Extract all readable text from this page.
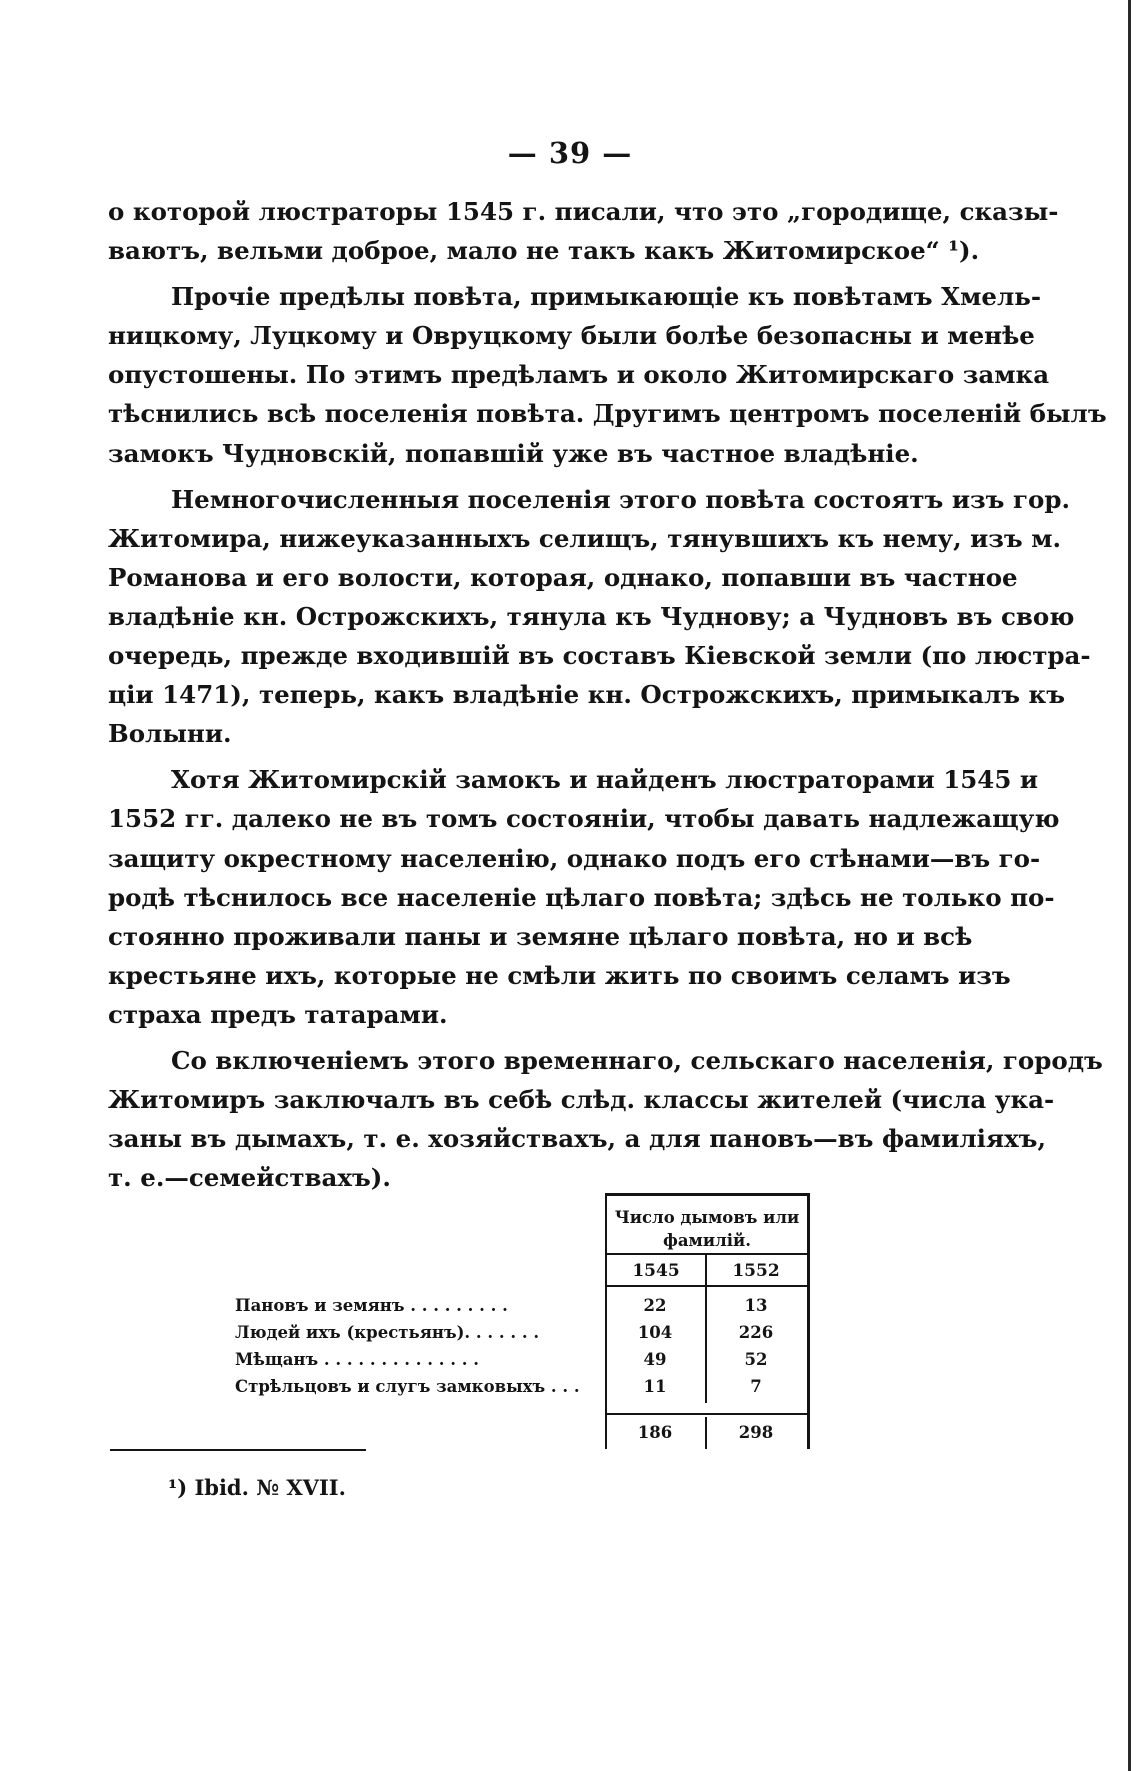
— 39 —
о которой люстраторы 1545 г. писали, что это „городище, сказы-
ваютъ, вельми доброе, мало не такъ какъ Житомирское“ ¹).
Прочіе предѣлы повѣта, примыкающіе къ повѣтамъ Хмель-
ницкому, Луцкому и Овруцкому были болѣе безопасны и менѣе
опустошены. По этимъ предѣламъ и около Житомирскаго замка
тѣснились всѣ поселенія повѣта. Другимъ центромъ поселеній былъ
замокъ Чудновскій, попавшій уже въ частное владѣніе.
Немногочисленныя поселенія этого повѣта состоятъ изъ гор.
Житомира, нижеуказанныхъ селищъ, тянувшихъ къ нему, изъ м.
Романова и его волости, которая, однако, попавши въ частное
владѣніе кн. Острожскихъ, тянула къ Чуднову; а Чудновъ въ свою
очередь, прежде входившій въ составъ Кіевской земли (по люстра-
ціи 1471), теперь, какъ владѣніе кн. Острожскихъ, примыкалъ къ
Волыни.
Хотя Житомирскій замокъ и найденъ люстраторами 1545 и
1552 гг. далеко не въ томъ состояніи, чтобы давать надлежащую
защиту окрестному населенію, однако подъ его стѣнами—въ го-
родѣ тѣснилось все населеніе цѣлаго повѣта; здѣсь не только по-
стоянно проживали паны и земяне цѣлаго повѣта, но и всѣ
крестьяне ихъ, которые не смѣли жить по своимъ селамъ изъ
страха предъ татарами.
Со включеніемъ этого временнаго, сельскаго населенія, городъ
Житомиръ заключалъ въ себѣ слѣд. классы жителей (числа ука-
заны въ дымахъ, т. е. хозяйствахъ, а для пановъ—въ фамиліяхъ,
т. е.—семействахъ).
Число дымовъ или фамилій.
1545	1552
Пановъ и земянъ . . . . . . . . .	22	13
Людей ихъ (крестьянъ). . . . . . .	104	226
Мѣщанъ . . . . . . . . . . . . . .	49	52
Стрѣльцовъ и слугъ замковыхъ . . .	11	7
186	298
¹) Ibid. № XVII.
